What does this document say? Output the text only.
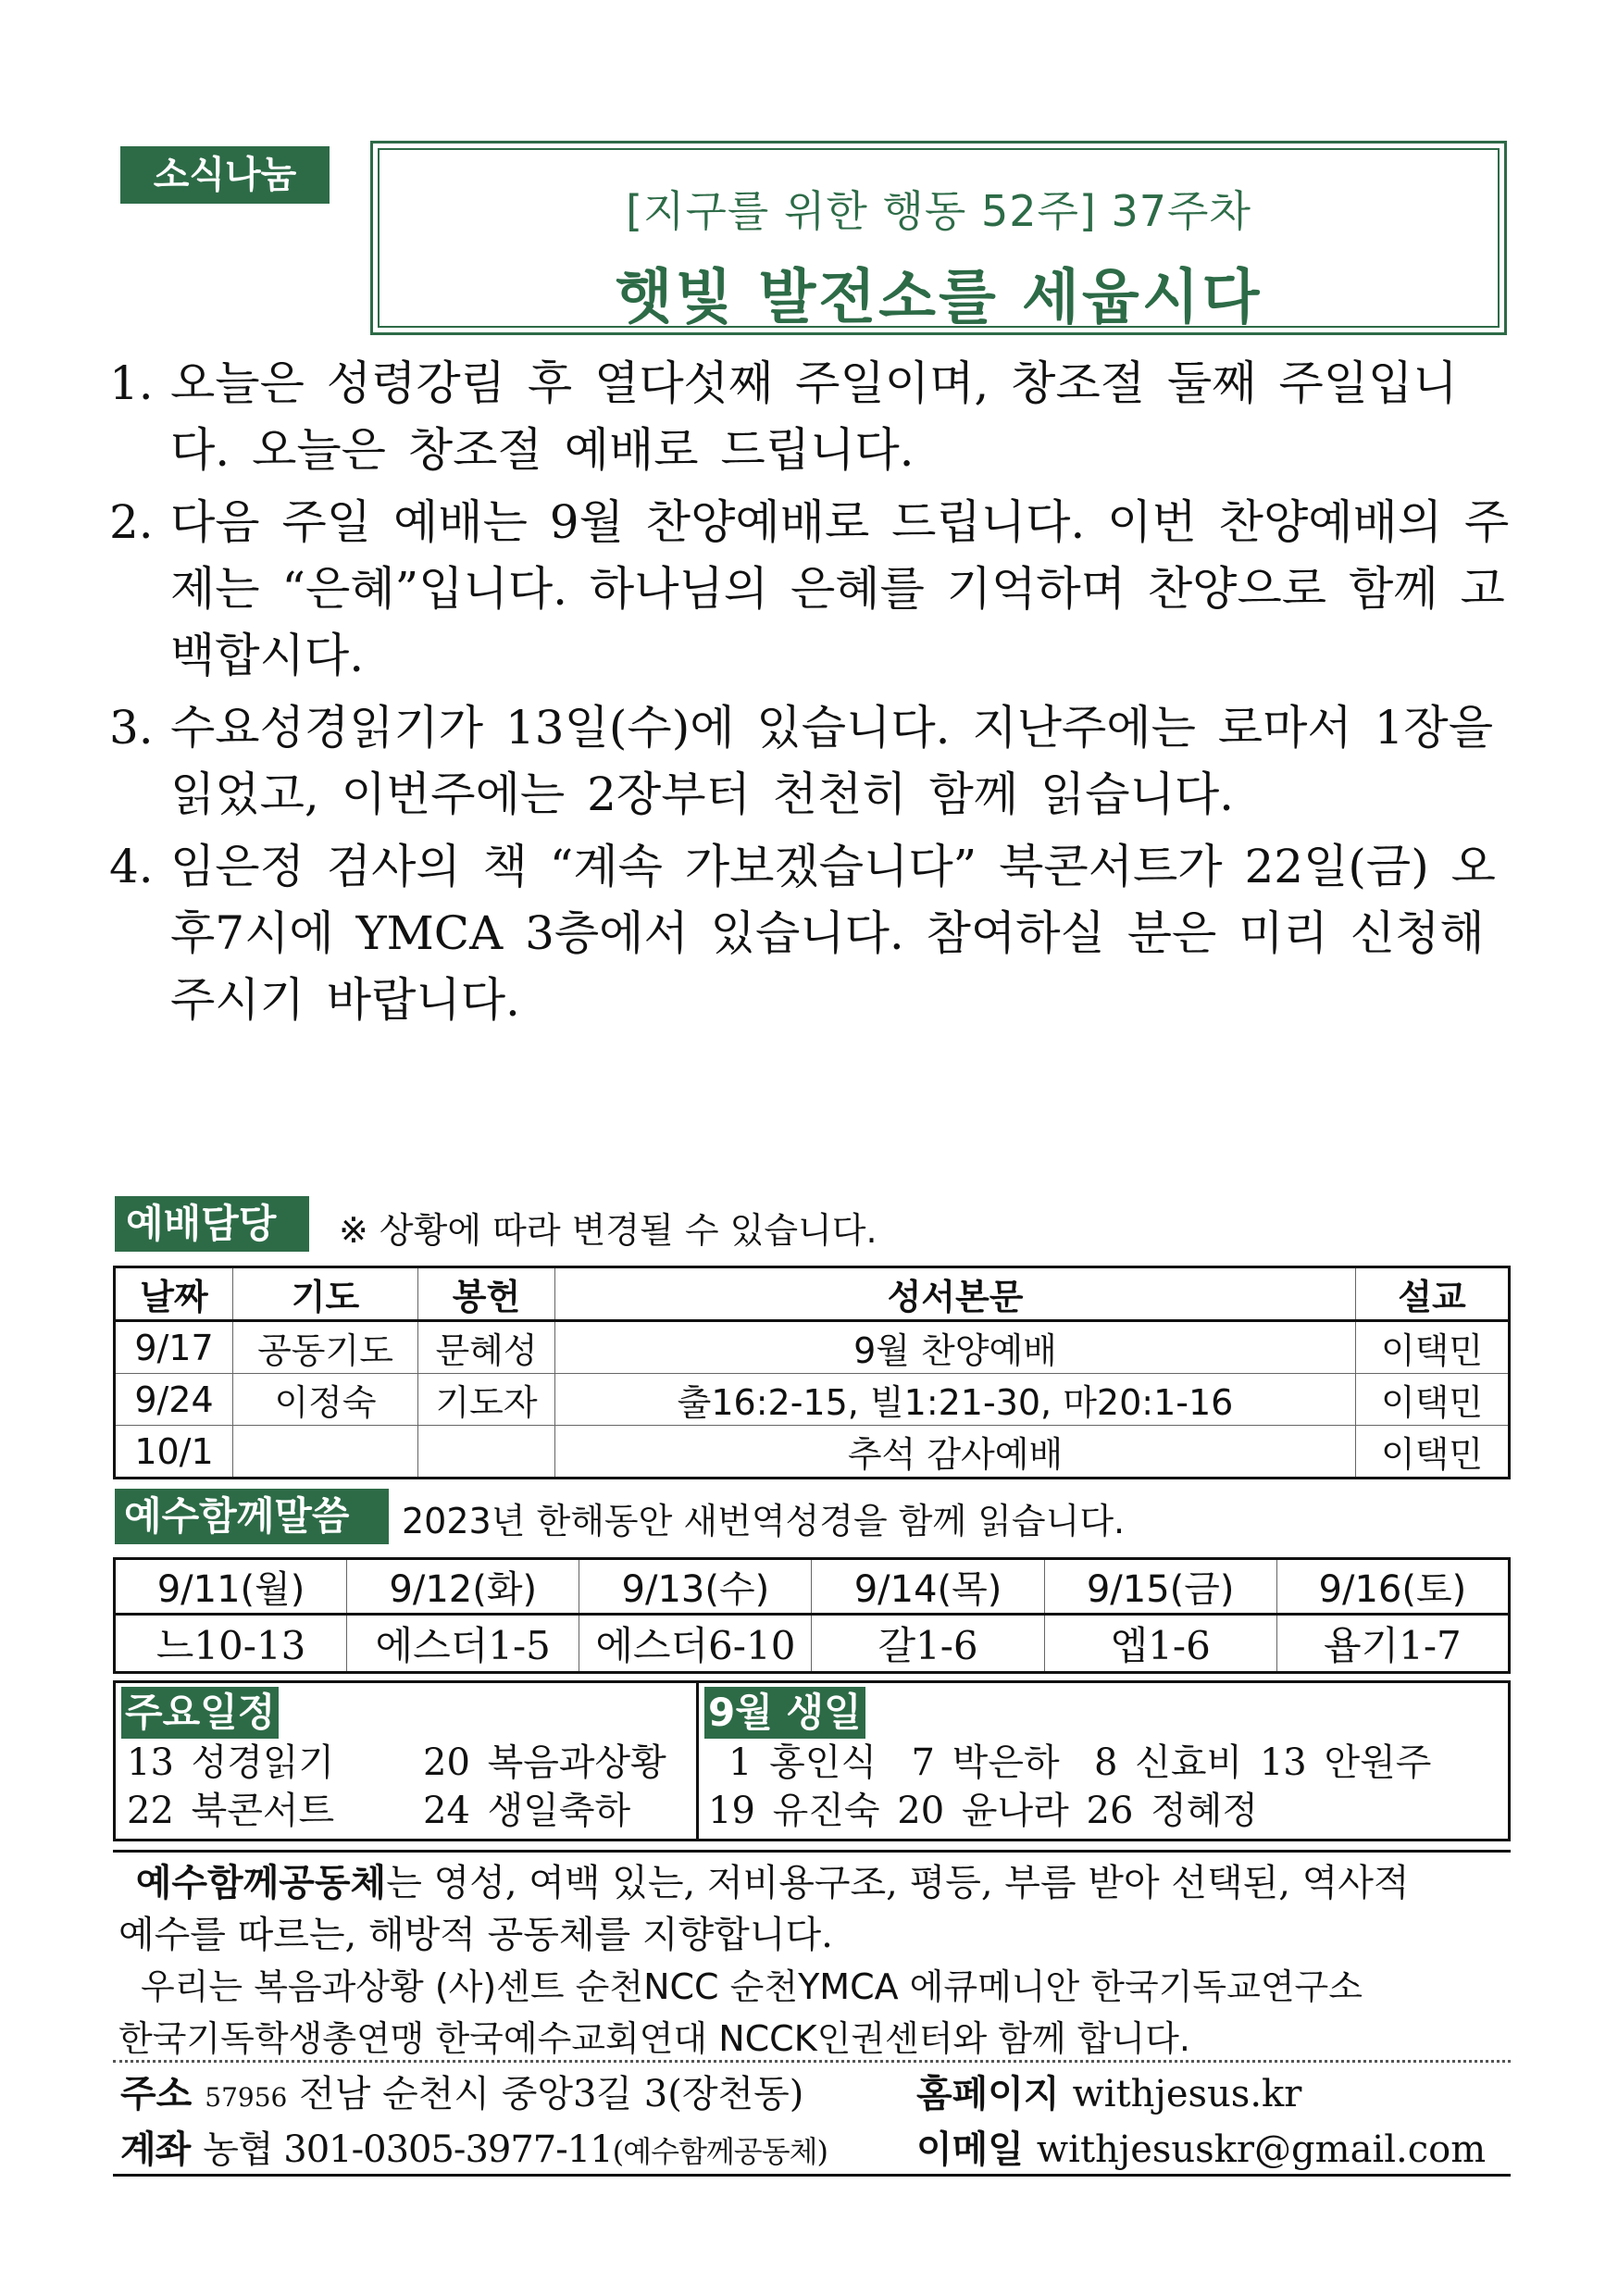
소식나눔
[지구를 위한 행동 52주] 37주차
햇빛 발전소를 세웁시다
1. 오늘은 성령강림 후 열다섯째 주일이며, 창조절 둘째 주일입니다. 오늘은 창조절 예배로 드립니다.
2. 다음 주일 예배는 9월 찬양예배로 드립니다. 이번 찬양예배의 주제는 “은혜”입니다. 하나님의 은혜를 기억하며 찬양으로 함께 고백합시다.
3. 수요성경읽기가 13일(수)에 있습니다. 지난주에는 로마서 1장을 읽었고, 이번주에는 2장부터 천천히 함께 읽습니다.
4. 임은정 검사의 책 “계속 가보겠습니다” 북콘서트가 22일(금) 오후7시에 YMCA 3층에서 있습니다. 참여하실 분은 미리 신청해 주시기 바랍니다.
예배담당	※ 상황에 따라 변경될 수 있습니다.
날짜	기도	봉헌	성서본문	설교
9/17	공동기도	문혜성	9월 찬양예배	이택민
9/24	이정숙	기도자	출16:2-15, 빌1:21-30, 마20:1-16	이택민
10/1			추석 감사예배	이택민
예수함께말씀	2023년 한해동안 새번역성경을 함께 읽습니다.
9/11(월)	9/12(화)	9/13(수)	9/14(목)	9/15(금)	9/16(토)
느10-13	에스더1-5	에스더6-10	갈1-6	엡1-6	욥기1-7
주요일정
13 성경읽기	20 복음과상황
22 북콘서트	24 생일축하
9월 생일
1 홍인식  7 박은하  8 신효비 13 안원주
19 유진숙 20 윤나라 26 정혜정
예수함께공동체는 영성, 여백 있는, 저비용구조, 평등, 부름 받아 선택된, 역사적
예수를 따르는, 해방적 공동체를 지향합니다.
우리는 복음과상황 (사)센트 순천NCC 순천YMCA 에큐메니안 한국기독교연구소
한국기독학생총연맹 한국예수교회연대 NCCK인권센터와 함께 합니다.
주소 57956 전남 순천시 중앙3길 3(장천동)	홈페이지 withjesus.kr
계좌 농협 301-0305-3977-11(예수함께공동체)	이메일 withjesuskr@gmail.com
